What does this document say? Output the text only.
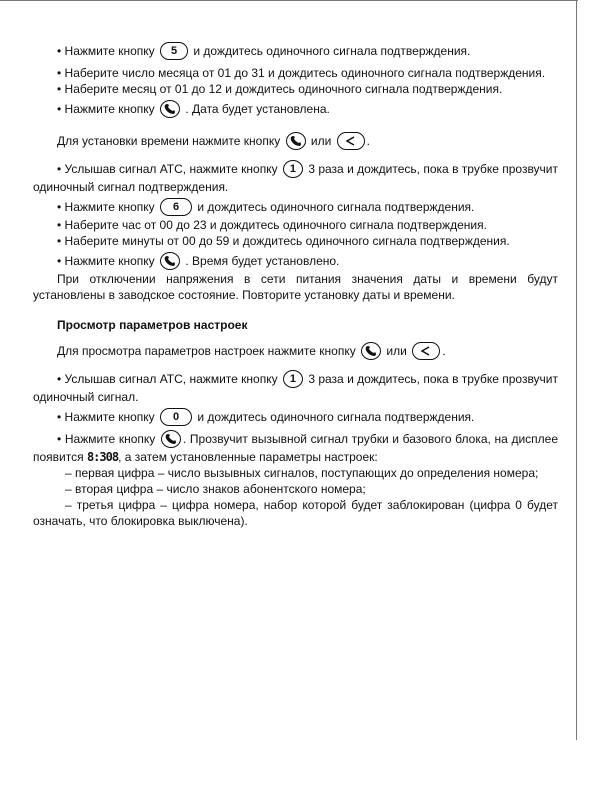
• Нажмите кнопку 5 и дождитесь одиночного сигнала подтверждения.

• Наберите число месяца от 01 до 31 и дождитесь одиночного сигнала подтверждения.

• Наберите месяц от 01 до 12 и дождитесь одиночного сигнала подтверждения.

• Нажмите кнопку	. Дата будет установлена.

Для установки времени нажмите кнопку	или	.

• Услышав сигнал АТС, нажмите кнопку 1 3 раза и дождитесь, пока в трубке прозвучит одиночный сигнал подтверждения.

• Нажмите кнопку 6 и дождитесь одиночного сигнала подтверждения.

• Наберите час от 00 до 23 и дождитесь одиночного сигнала подтверждения.

• Наберите минуты от 00 до 59 и дождитесь одиночного сигнала подтверждения.

• Нажмите кнопку	. Время будет установлено.

При отключении напряжения в сети питания значения даты и времени будут установлены в заводское состояние. Повторите установку даты и времени.

Просмотр параметров настроек

Для просмотра параметров настроек нажмите кнопку	или	.

• Услышав сигнал АТС, нажмите кнопку 1 3 раза и дождитесь, пока в трубке прозвучит одиночный сигнал.

• Нажмите кнопку 0 и дождитесь одиночного сигнала подтверждения.

• Нажмите кнопку . Прозвучит вызывной сигнал трубки и базового блока, на дисплее появится 8:308, а затем установленные параметры настроек:

– первая цифра – число вызывных сигналов, поступающих до определения номера;

– вторая цифра – число знаков абонентского номера;

– третья цифра – цифра номера, набор которой будет заблокирован (цифра 0 будет означать, что блокировка выключена).
